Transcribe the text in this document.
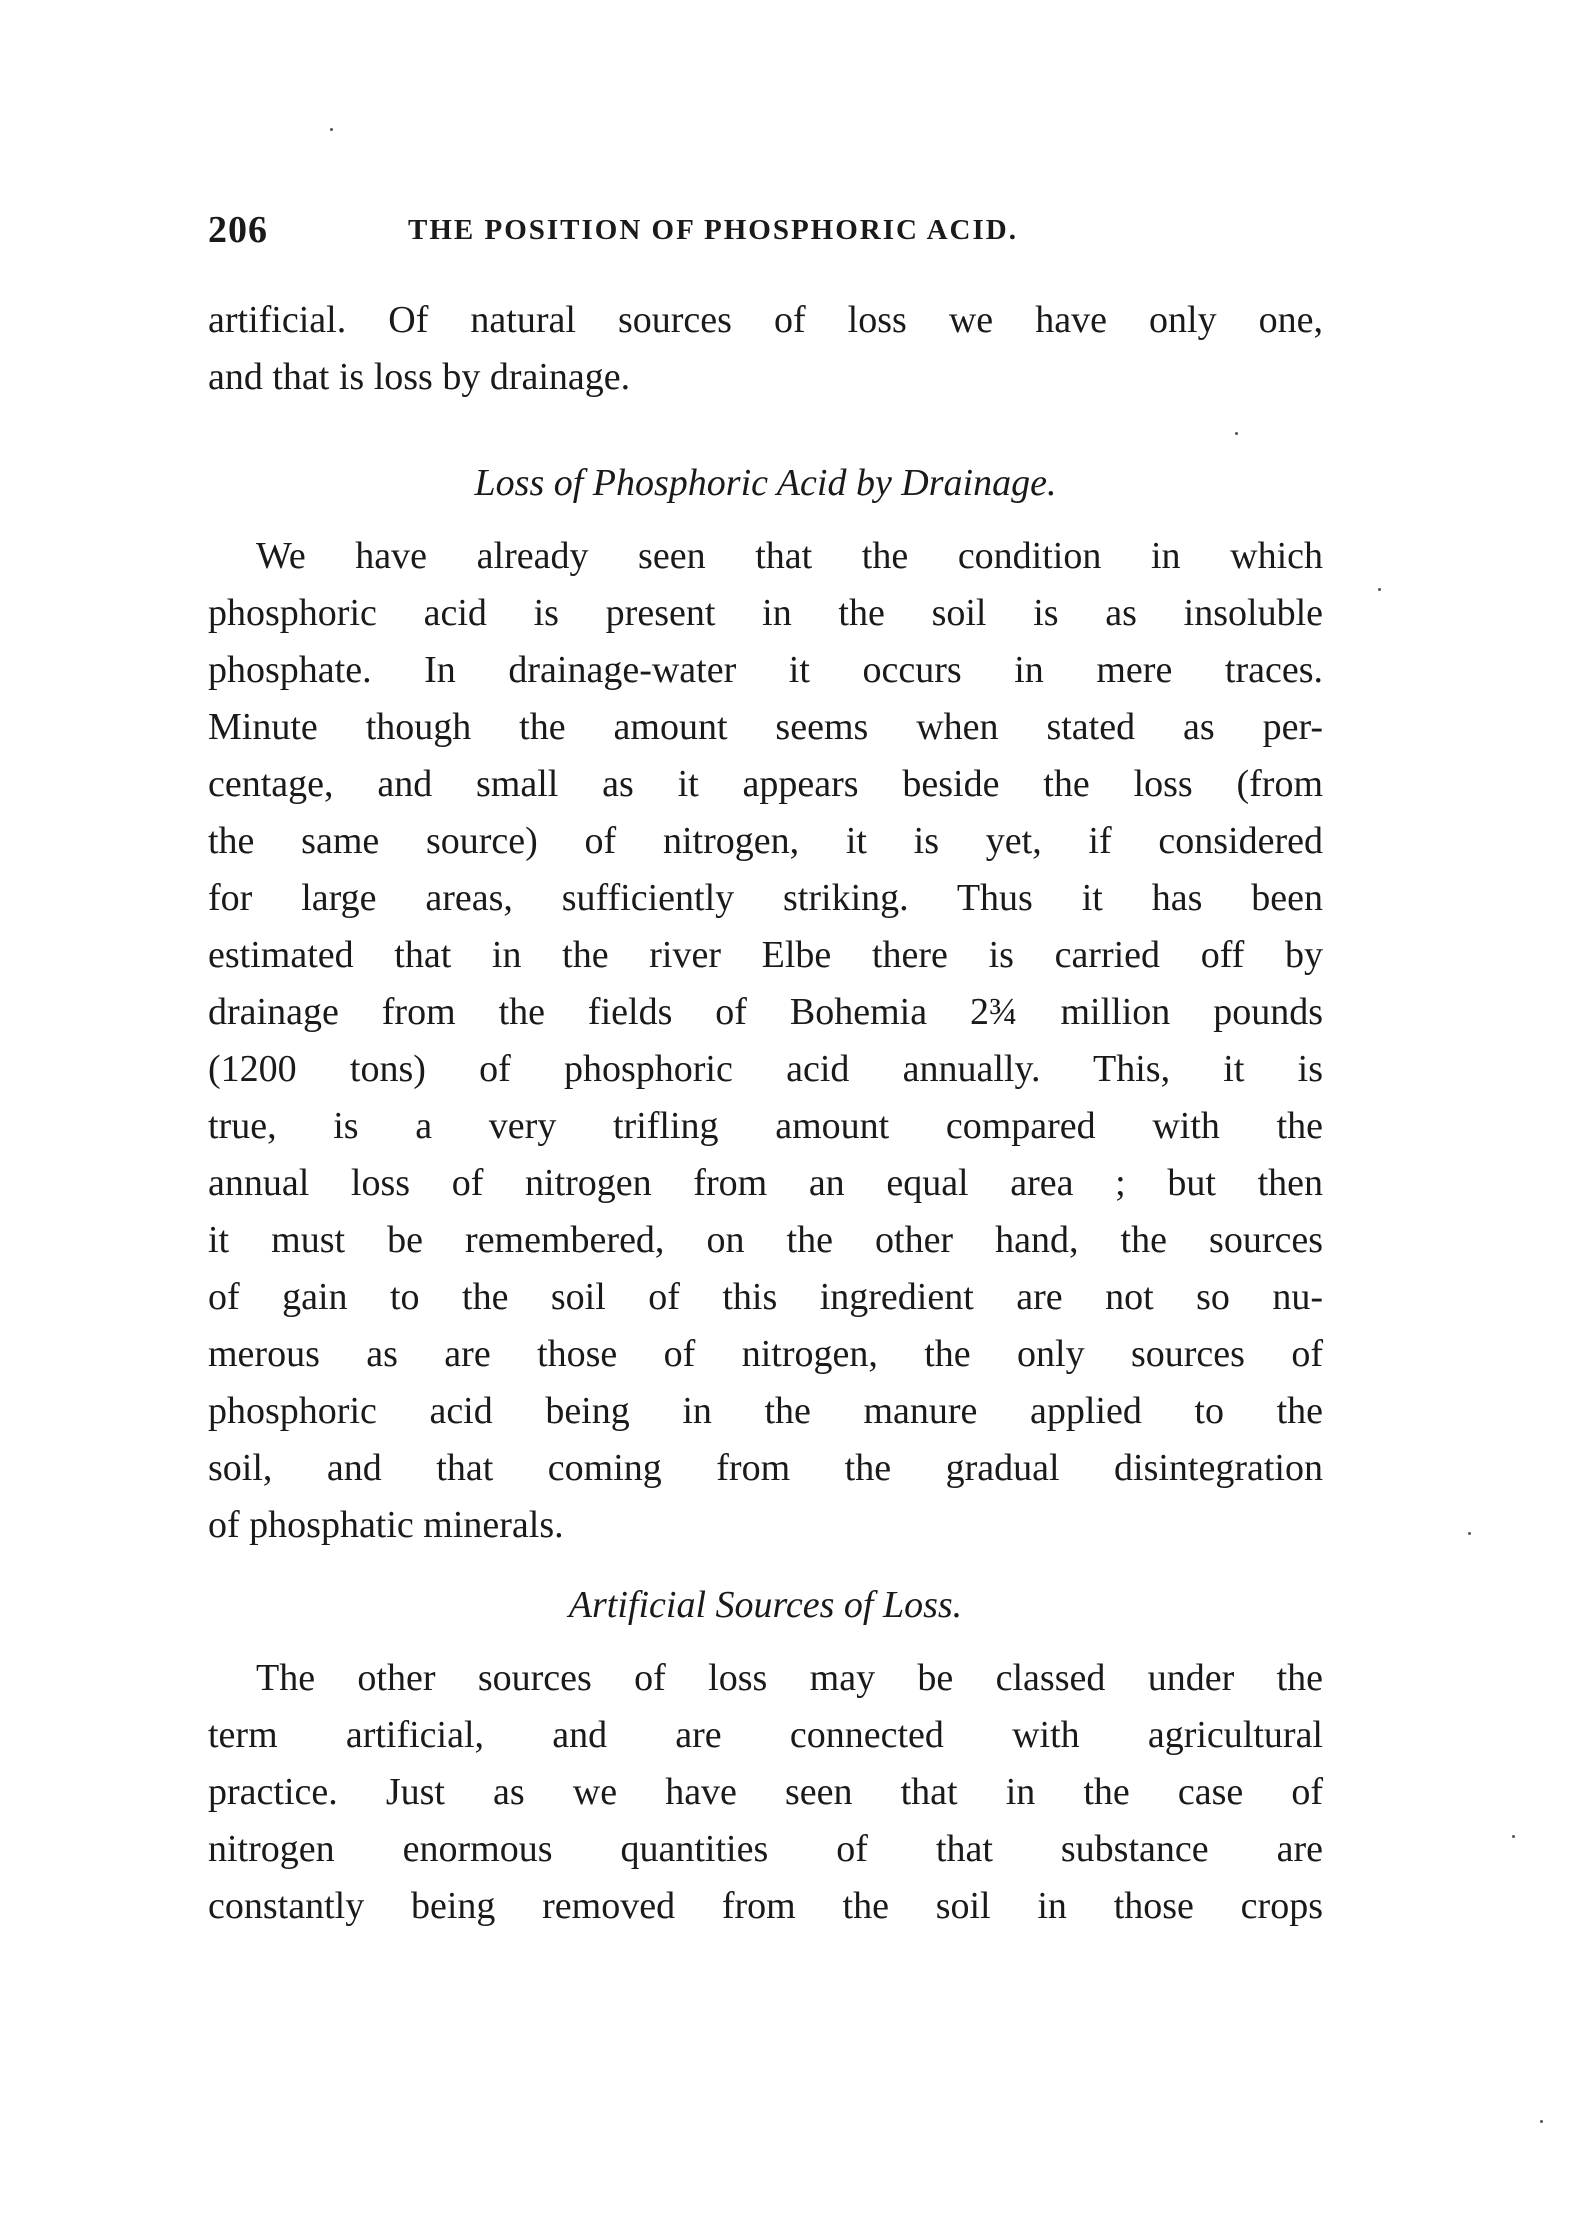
206	THE POSITION OF PHOSPHORIC ACID.
artificial. Of natural sources of loss we have only one,
and that is loss by drainage.
Loss of Phosphoric Acid by Drainage.
We have already seen that the condition in which
phosphoric acid is present in the soil is as insoluble
phosphate. In drainage-water it occurs in mere traces.
Minute though the amount seems when stated as per-
centage, and small as it appears beside the loss (from
the same source) of nitrogen, it is yet, if considered
for large areas, sufficiently striking. Thus it has been
estimated that in the river Elbe there is carried off by
drainage from the fields of Bohemia 2¾ million pounds
(1200 tons) of phosphoric acid annually. This, it is
true, is a very trifling amount compared with the
annual loss of nitrogen from an equal area ; but then
it must be remembered, on the other hand, the sources
of gain to the soil of this ingredient are not so nu-
merous as are those of nitrogen, the only sources of
phosphoric acid being in the manure applied to the
soil, and that coming from the gradual disintegration
of phosphatic minerals.
Artificial Sources of Loss.
The other sources of loss may be classed under the
term artificial, and are connected with agricultural
practice. Just as we have seen that in the case of
nitrogen enormous quantities of that substance are
constantly being removed from the soil in those crops
